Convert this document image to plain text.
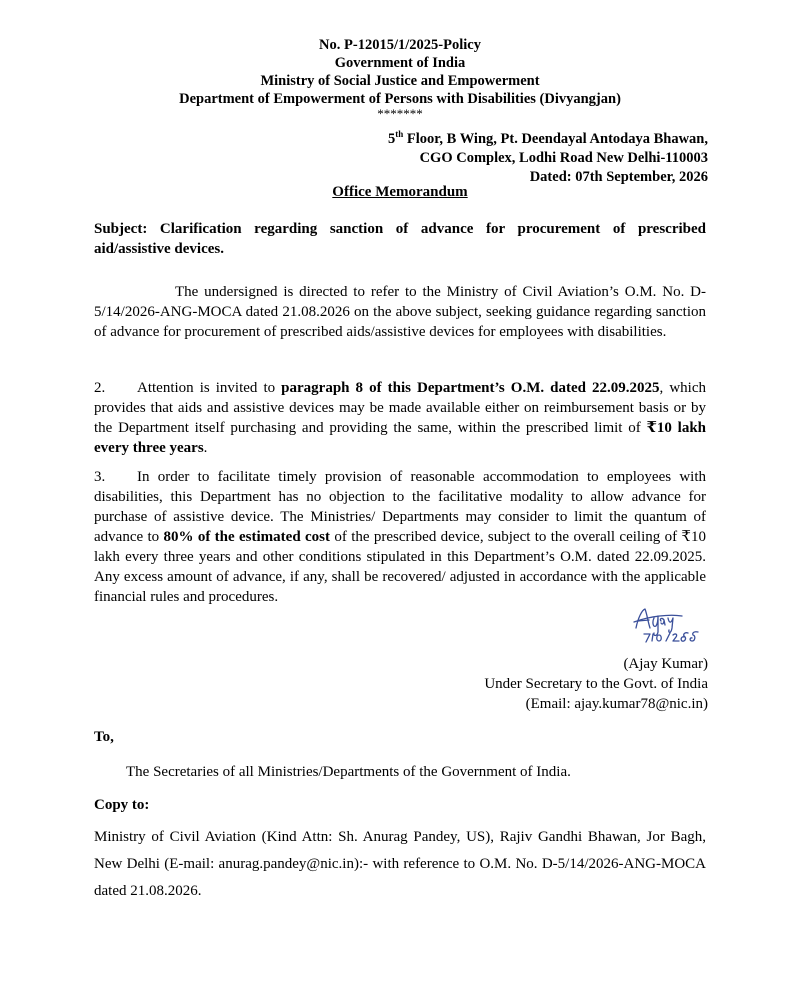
No. P-12015/1/2025-Policy
Government of India
Ministry of Social Justice and Empowerment
Department of Empowerment of Persons with Disabilities (Divyangjan)
*******
5th Floor, B Wing, Pt. Deendayal Antodaya Bhawan,
CGO Complex, Lodhi Road New Delhi-110003
Dated: 07th September, 2026
Office Memorandum
Subject: Clarification regarding sanction of advance for procurement of prescribed aid/assistive devices.
The undersigned is directed to refer to the Ministry of Civil Aviation’s O.M. No. D-5/14/2026-ANG-MOCA dated 21.08.2026 on the above subject, seeking guidance regarding sanction of advance for procurement of prescribed aids/assistive devices for employees with disabilities.
2. Attention is invited to paragraph 8 of this Department’s O.M. dated 22.09.2025, which provides that aids and assistive devices may be made available either on reimbursement basis or by the Department itself purchasing and providing the same, within the prescribed limit of ₹10 lakh every three years.
3. In order to facilitate timely provision of reasonable accommodation to employees with disabilities, this Department has no objection to the facilitative modality to allow advance for purchase of assistive device. The Ministries/ Departments may consider to limit the quantum of advance to 80% of the estimated cost of the prescribed device, subject to the overall ceiling of ₹10 lakh every three years and other conditions stipulated in this Department’s O.M. dated 22.09.2025. Any excess amount of advance, if any, shall be recovered/ adjusted in accordance with the applicable financial rules and procedures.
(Ajay Kumar)
Under Secretary to the Govt. of India
(Email: ajay.kumar78@nic.in)
To,
The Secretaries of all Ministries/Departments of the Government of India.
Copy to:
Ministry of Civil Aviation (Kind Attn: Sh. Anurag Pandey, US), Rajiv Gandhi Bhawan, Jor Bagh, New Delhi (E-mail: anurag.pandey@nic.in):- with reference to O.M. No. D-5/14/2026-ANG-MOCA dated 21.08.2026.
